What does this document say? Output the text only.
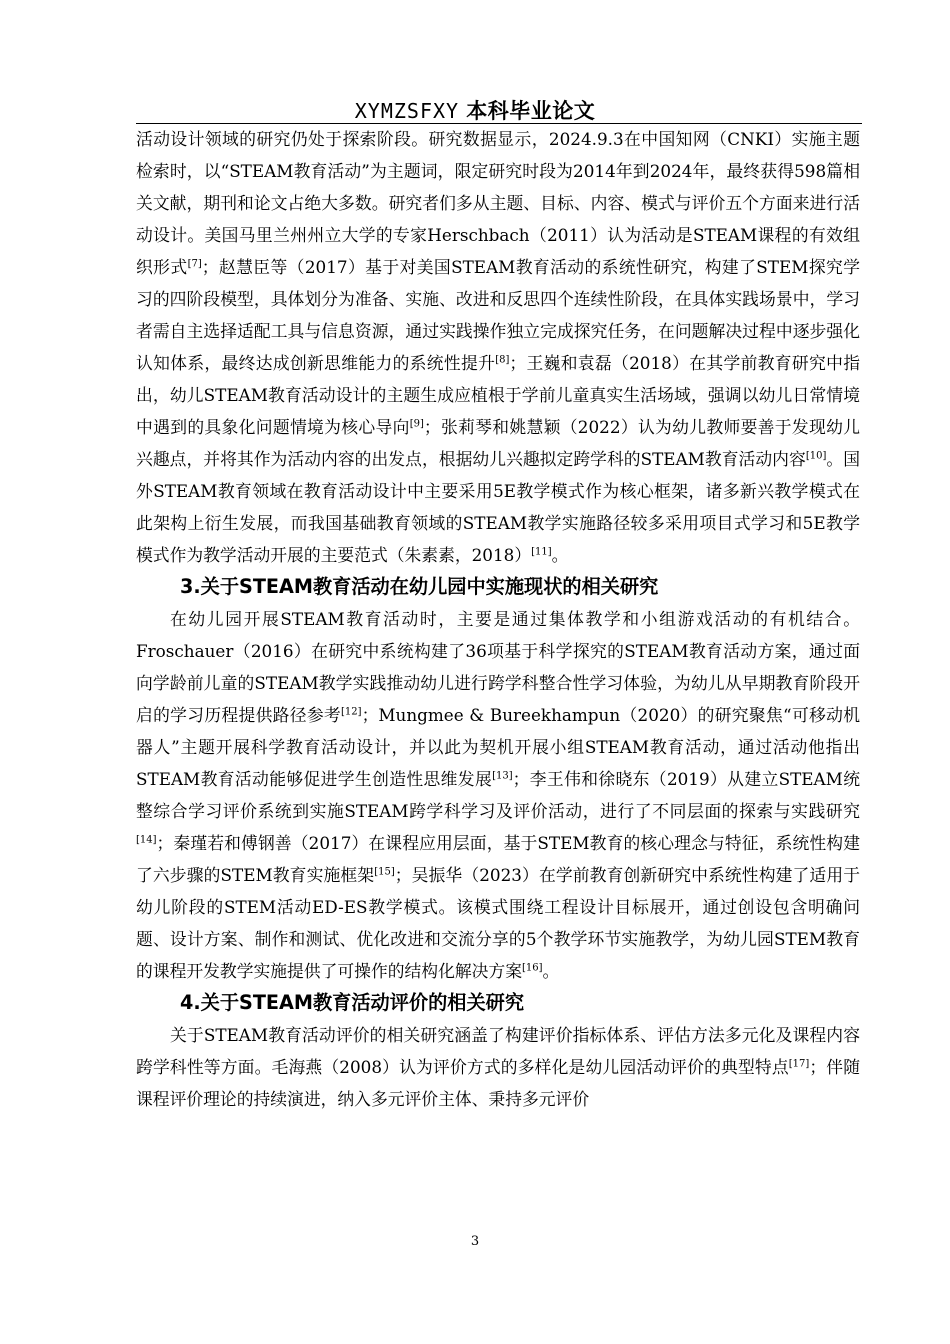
XYMZSFXY 本科毕业论文

活动设计领域的研究仍处于探索阶段。研究数据显示，2024.9.3在中国知网（CNKI）实施主题检索时，以“STEAM教育活动”为主题词，限定研究时段为2014年到2024年，最终获得598篇相关文献，期刊和论文占绝大多数。研究者们多从主题、目标、内容、模式与评价五个方面来进行活动设计。美国马里兰州州立大学的专家Herschbach（2011）认为活动是STEAM课程的有效组织形式[7]；赵慧臣等（2017）基于对美国STEAM教育活动的系统性研究，构建了STEM探究学习的四阶段模型，具体划分为准备、实施、改进和反思四个连续性阶段，在具体实践场景中，学习者需自主选择适配工具与信息资源，通过实践操作独立完成探究任务，在问题解决过程中逐步强化认知体系，最终达成创新思维能力的系统性提升[8]；王巍和袁磊（2018）在其学前教育研究中指出，幼儿STEAM教育活动设计的主题生成应植根于学前儿童真实生活场域，强调以幼儿日常情境中遇到的具象化问题情境为核心导向[9]；张莉琴和姚慧颖（2022）认为幼儿教师要善于发现幼儿兴趣点，并将其作为活动内容的出发点，根据幼儿兴趣拟定跨学科的STEAM教育活动内容[10]。国外STEAM教育领域在教育活动设计中主要采用5E教学模式作为核心框架，诸多新兴教学模式在此架构上衍生发展，而我国基础教育领域的STEAM教学实施路径较多采用项目式学习和5E教学模式作为教学活动开展的主要范式（朱素素，2018）[11]。

3.关于STEAM教育活动在幼儿园中实施现状的相关研究

在幼儿园开展STEAM教育活动时，主要是通过集体教学和小组游戏活动的有机结合。Froschauer（2016）在研究中系统构建了36项基于科学探究的STEAM教育活动方案，通过面向学龄前儿童的STEAM教学实践推动幼儿进行跨学科整合性学习体验，为幼儿从早期教育阶段开启的学习历程提供路径参考[12]；Mungmee & Bureekhampun（2020）的研究聚焦“可移动机器人”主题开展科学教育活动设计，并以此为契机开展小组STEAM教育活动，通过活动他指出STEAM教育活动能够促进学生创造性思维发展[13]；李王伟和徐晓东（2019）从建立STEAM统整综合学习评价系统到实施STEAM跨学科学习及评价活动，进行了不同层面的探索与实践研究[14]；秦瑾若和傅钢善（2017）在课程应用层面，基于STEM教育的核心理念与特征，系统性构建了六步骤的STEM教育实施框架[15]；吴振华（2023）在学前教育创新研究中系统性构建了适用于幼儿阶段的STEM活动ED-ES教学模式。该模式围绕工程设计目标展开，通过创设包含明确问题、设计方案、制作和测试、优化改进和交流分享的5个教学环节实施教学，为幼儿园STEM教育的课程开发教学实施提供了可操作的结构化解决方案[16]。

4.关于STEAM教育活动评价的相关研究

关于STEAM教育活动评价的相关研究涵盖了构建评价指标体系、评估方法多元化及课程内容跨学科性等方面。毛海燕（2008）认为评价方式的多样化是幼儿园活动评价的典型特点[17]；伴随课程评价理论的持续演进，纳入多元评价主体、秉持多元评价

3
